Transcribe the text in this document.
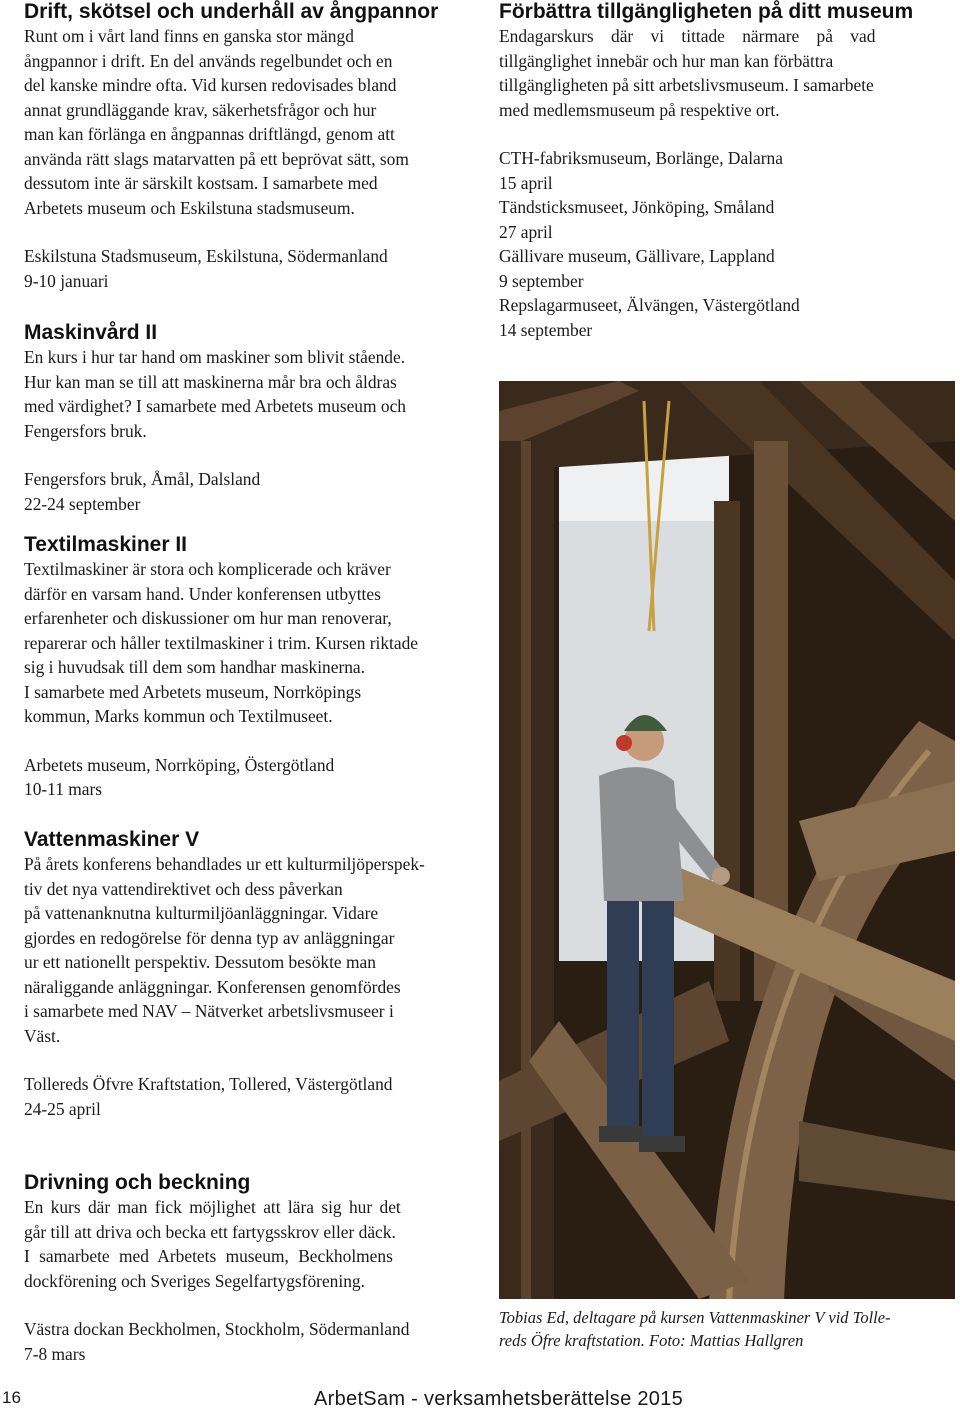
Drift, skötsel och underhåll av ångpannor

Runt om i vårt land finns en ganska stor mängd

ångpannor i drift. En del används regelbundet och en

del kanske mindre ofta. Vid kursen redovisades bland

annat grundläggande krav, säkerhetsfrågor och hur

man kan förlänga en ångpannas driftlängd, genom att

använda rätt slags matarvatten på ett beprövat sätt, som

dessutom inte är särskilt kostsam. I samarbete med

Arbetets museum och Eskilstuna stadsmuseum.

Eskilstuna Stadsmuseum, Eskilstuna, Södermanland

9-10 januari

Maskinvård II

En kurs i hur tar hand om maskiner som blivit stående.

Hur kan man se till att maskinerna mår bra och åldras

med värdighet? I samarbete med Arbetets museum och

Fengersfors bruk.

Fengersfors bruk, Åmål, Dalsland

22-24 september

Textilmaskiner II

Textilmaskiner är stora och komplicerade och kräver

därför en varsam hand. Under konferensen utbyttes

erfarenheter och diskussioner om hur man renoverar,

reparerar och håller textilmaskiner i trim. Kursen riktade

sig i huvudsak till dem som handhar maskinerna.

I samarbete med Arbetets museum, Norrköpings

kommun, Marks kommun och Textilmuseet.

Arbetets museum, Norrköping, Östergötland

10-11 mars

Vattenmaskiner V

På årets konferens behandlades ur ett kulturmiljöperspek-

tiv det nya vattendirektivet och dess påverkan

på vattenanknutna kulturmiljöanläggningar. Vidare

gjordes en redogörelse för denna typ av anläggningar

ur ett nationellt perspektiv. Dessutom besökte man

näraliggande anläggningar. Konferensen genomfördes

i samarbete med NAV – Nätverket arbetslivsmuseer i

Väst.

Tollereds Öfvre Kraftstation, Tollered, Västergötland

24-25 april

Drivning och beckning

En kurs där man fick möjlighet att lära sig hur det

går till att driva och becka ett fartygsskrov eller däck.

I samarbete med Arbetets museum, Beckholmens

dockförening och Sveriges Segelfartygsförening.

Västra dockan Beckholmen, Stockholm, Södermanland

7-8 mars

Förbättra tillgängligheten på ditt museum

Endagarskurs där vi tittade närmare på vad

tillgänglighet innebär och hur man kan förbättra

tillgängligheten på sitt arbetslivsmuseum. I samarbete

med medlemsmuseum på respektive ort.

CTH-fabriksmuseum, Borlänge, Dalarna

15 april

Tändsticksmuseet, Jönköping, Småland

27 april

Gällivare museum, Gällivare, Lappland

9 september

Repslagarmuseet, Älvängen, Västergötland

14 september

Tobias Ed, deltagare på kursen Vattenmaskiner V vid Tolle-
reds Öfre kraftstation. Foto: Mattias Hallgren

16	ArbetSam - verksamhetsberättelse 2015
